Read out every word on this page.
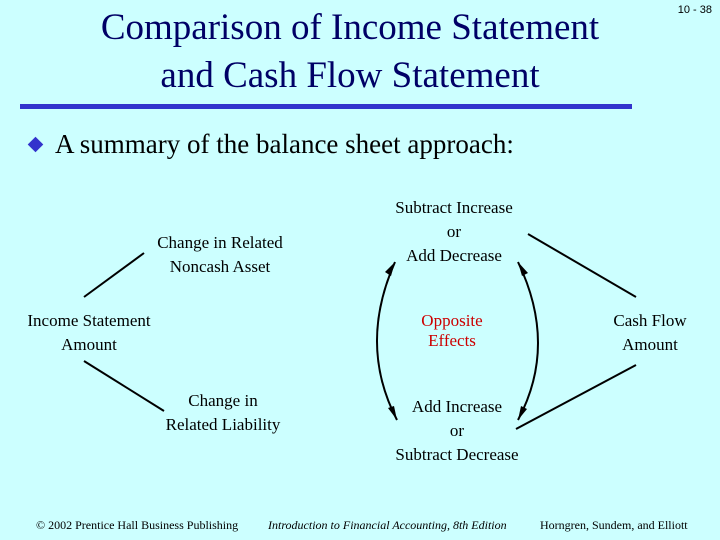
Comparison of Income Statement
and Cash Flow Statement
10 - 38
A summary of the balance sheet approach:
Change in Related
Noncash Asset
Income Statement
Amount
Change in
Related Liability
Subtract Increase
or
Add Decrease
Opposite
Effects
Add Increase
or
Subtract Decrease
Cash Flow
Amount
© 2002 Prentice Hall Business Publishing Introduction to Financial Accounting, 8th Edition	Horngren, Sundem, and Elliott
